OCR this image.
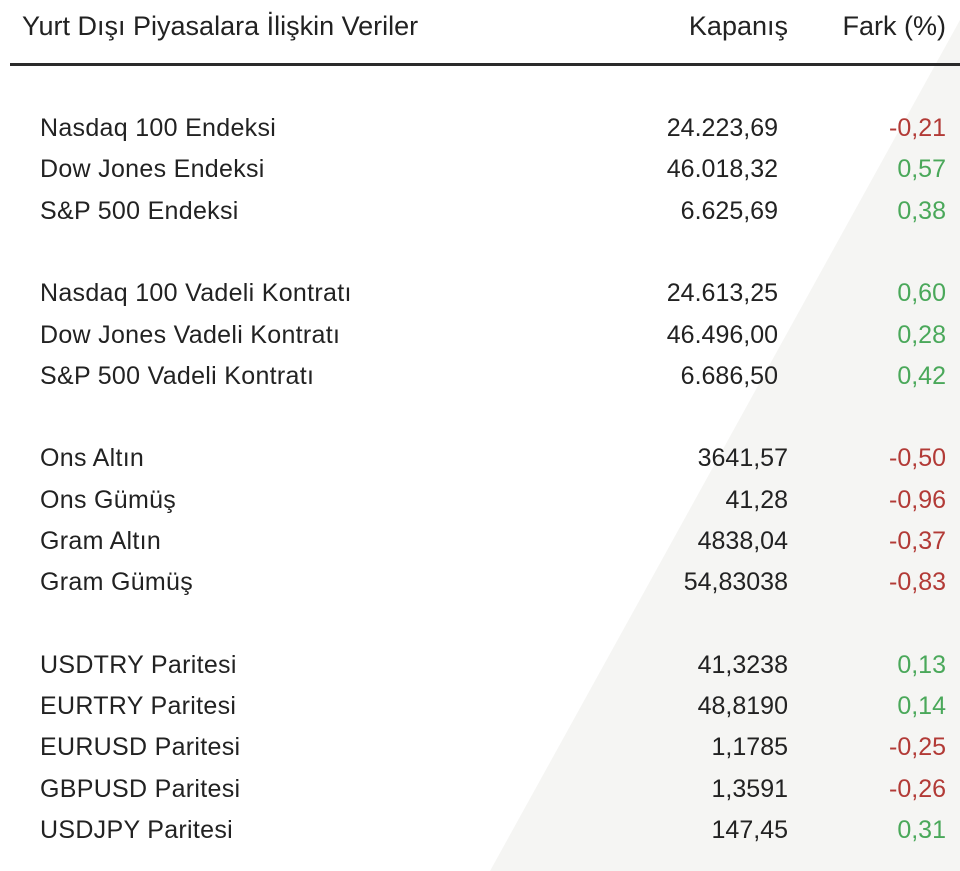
Yurt Dışı Piyasalara İlişkin Veriler	Kapanış Fark (%)
Nasdaq 100 Endeksi	24.223,69	-0,21
Dow Jones Endeksi	46.018,32	0,57
S&P 500 Endeksi	6.625,69	0,38
Nasdaq 100 Vadeli Kontratı	24.613,25	0,60
Dow Jones Vadeli Kontratı	46.496,00	0,28
S&P 500 Vadeli Kontratı	6.686,50	0,42
Ons Altın	3641,57	-0,50
Ons Gümüş	41,28	-0,96
Gram Altın	4838,04	-0,37
Gram Gümüş	54,83038	-0,83
USDTRY Paritesi	41,3238	0,13
EURTRY Paritesi	48,8190	0,14
EURUSD Paritesi	1,1785	-0,25
GBPUSD Paritesi	1,3591	-0,26
USDJPY Paritesi	147,45	0,31
